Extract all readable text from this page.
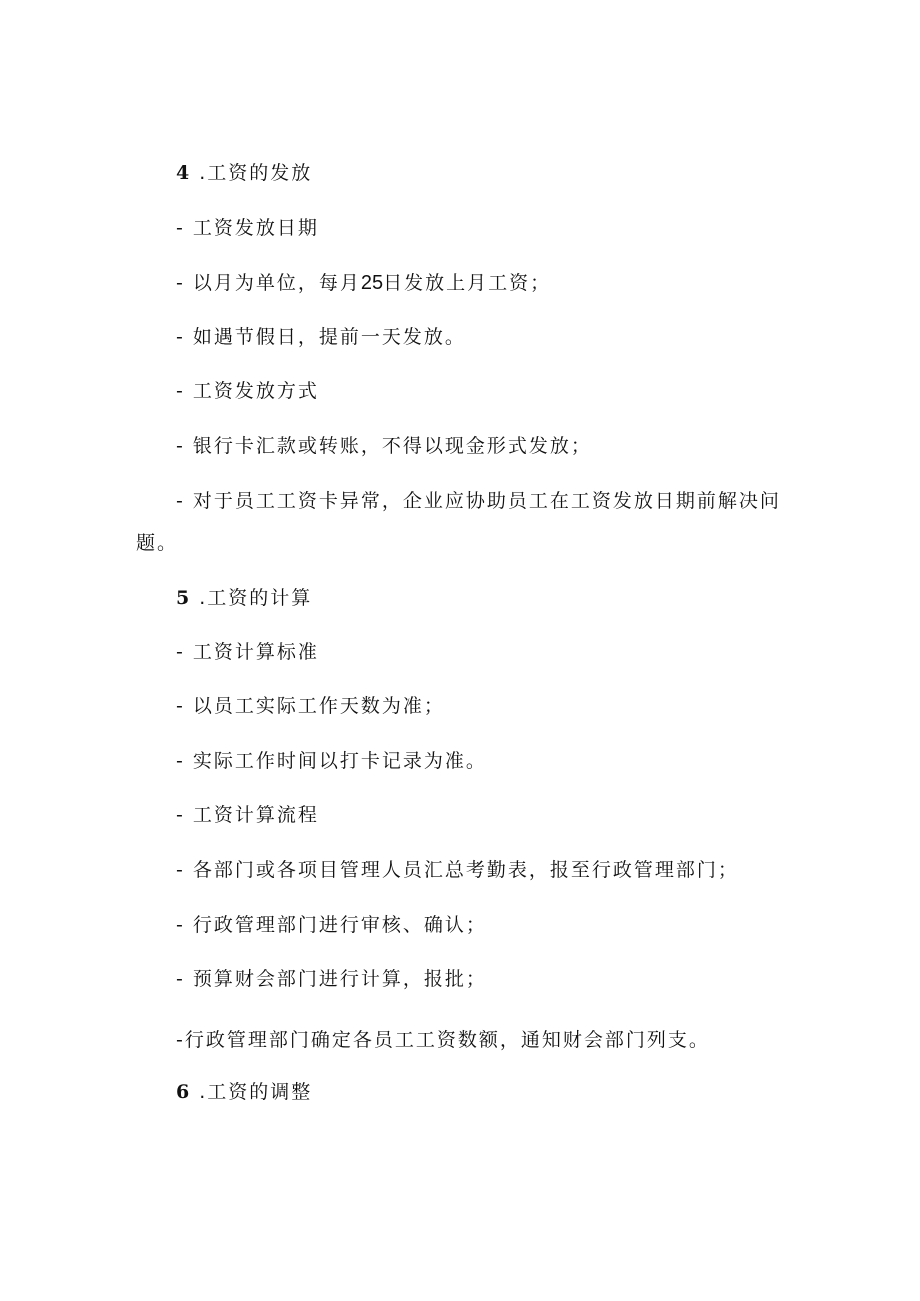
4 .工资的发放
- 工资发放日期
- 以月为单位，每月25日发放上月工资；
- 如遇节假日，提前一天发放。
- 工资发放方式
- 银行卡汇款或转账，不得以现金形式发放；
- 对于员工工资卡异常，企业应协助员工在工资发放日期前解决问
题。
5 .工资的计算
- 工资计算标准
- 以员工实际工作天数为准；
- 实际工作时间以打卡记录为准。
- 工资计算流程
- 各部门或各项目管理人员汇总考勤表，报至行政管理部门；
- 行政管理部门进行审核、确认；
- 预算财会部门进行计算，报批；
-行政管理部门确定各员工工资数额，通知财会部门列支。
6 .工资的调整
